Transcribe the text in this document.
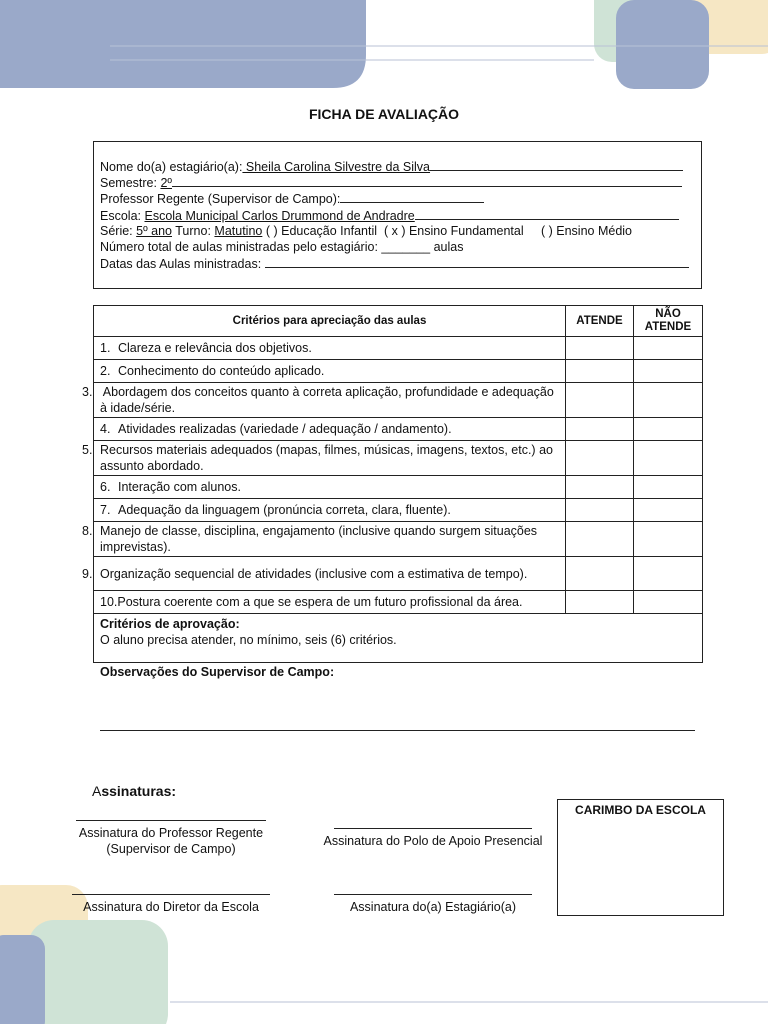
FICHA DE AVALIAÇÃO
Nome do(a) estagiário(a): Sheila Carolina Silvestre da Silva
Semestre: 2º
Professor Regente (Supervisor de Campo):
Escola: Escola Municipal Carlos Drummond de Andradre
Série: 5º ano Turno: Matutino ( ) Educação Infantil ( x ) Ensino Fundamental ( ) Ensino Médio
Número total de aulas ministradas pelo estagiário: _______ aulas
Datas das Aulas ministradas:
Critérios para apreciação das aulas	ATENDE	NÃO ATENDE
1. Clareza e relevância dos objetivos.		
2. Conhecimento do conteúdo aplicado.		
3. Abordagem dos conceitos quanto à correta aplicação, profundidade e adequação à idade/série.		
4. Atividades realizadas (variedade / adequação / andamento).		
5. Recursos materiais adequados (mapas, filmes, músicas, imagens, textos, etc.) ao assunto abordado.		
6. Interação com alunos.		
7. Adequação da linguagem (pronúncia correta, clara, fluente).		
8. Manejo de classe, disciplina, engajamento (inclusive quando surgem situações imprevistas).		
9. Organização sequencial de atividades (inclusive com a estimativa de tempo).		
10.Postura coerente com a que se espera de um futuro profissional da área.		

Critérios de aprovação:
O aluno precisa atender, no mínimo, seis (6) critérios.		
Observações do Supervisor de Campo:
Assinaturas:
Assinatura do Professor Regente
(Supervisor de Campo)
Assinatura do Polo de Apoio Presencial
Assinatura do Diretor da Escola	Assinatura do(a) Estagiário(a)
CARIMBO DA ESCOLA
